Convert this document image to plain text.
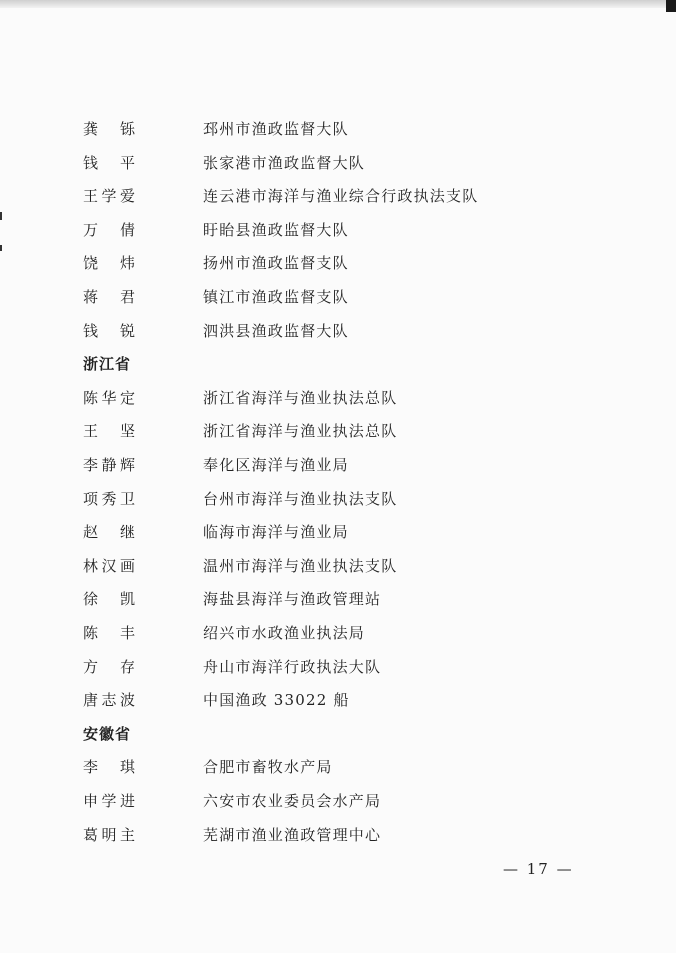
龚 铄	邳州市渔政监督大队
钱 平	张家港市渔政监督大队
王 学 爱	连云港市海洋与渔业综合行政执法支队
万 倩	盱眙县渔政监督大队
饶 炜	扬州市渔政监督支队
蒋 君	镇江市渔政监督支队
钱 锐	泗洪县渔政监督大队
浙江省
陈 华 定	浙江省海洋与渔业执法总队
王 坚	浙江省海洋与渔业执法总队
李 静 辉	奉化区海洋与渔业局
项 秀 卫	台州市海洋与渔业执法支队
赵 继	临海市海洋与渔业局
林 汉 画	温州市海洋与渔业执法支队
徐 凯	海盐县海洋与渔政管理站
陈 丰	绍兴市水政渔业执法局
方 存	舟山市海洋行政执法大队
唐 志 波	中国渔政 33022 船
安徽省
李 琪	合肥市畜牧水产局
申 学 进	六安市农业委员会水产局
葛 明 主	芜湖市渔业渔政管理中心
— 17 —
